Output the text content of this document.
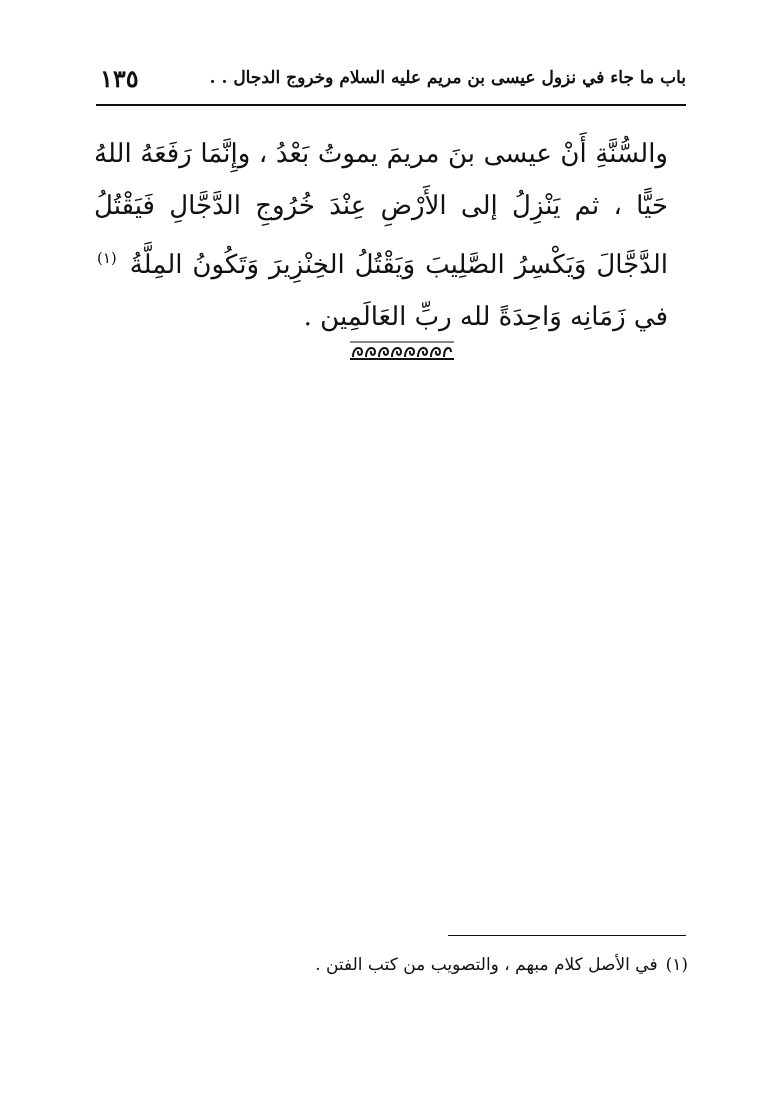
باب ما جاء في نزول عيسى بن مريم عليه السلام وخروج الدجال . .
١٣٥

والسُّنَّةِ أَنْ عيسى بنَ مريمَ يموتُ بَعْدُ ، وإِنَّمَا رَفَعَهُ اللهُ حَيًّا ، ثم يَنْزِلُ إلى الأَرْضِ عِنْدَ خُرُوجِ الدَّجَّالِ فَيَقْتُلُ الدَّجَّالَ وَيَكْسِرُ الصَّلِيبَ وَيَقْتُلُ الخِنْزِيرَ وَتَكُونُ المِلَّةُ $^{(١)}$ في زَمَانِه وَاحِدَةً لله ربِّ العَالَمِين .

(١)في الأصل كلام مبهم ، والتصويب من كتب الفتن .
